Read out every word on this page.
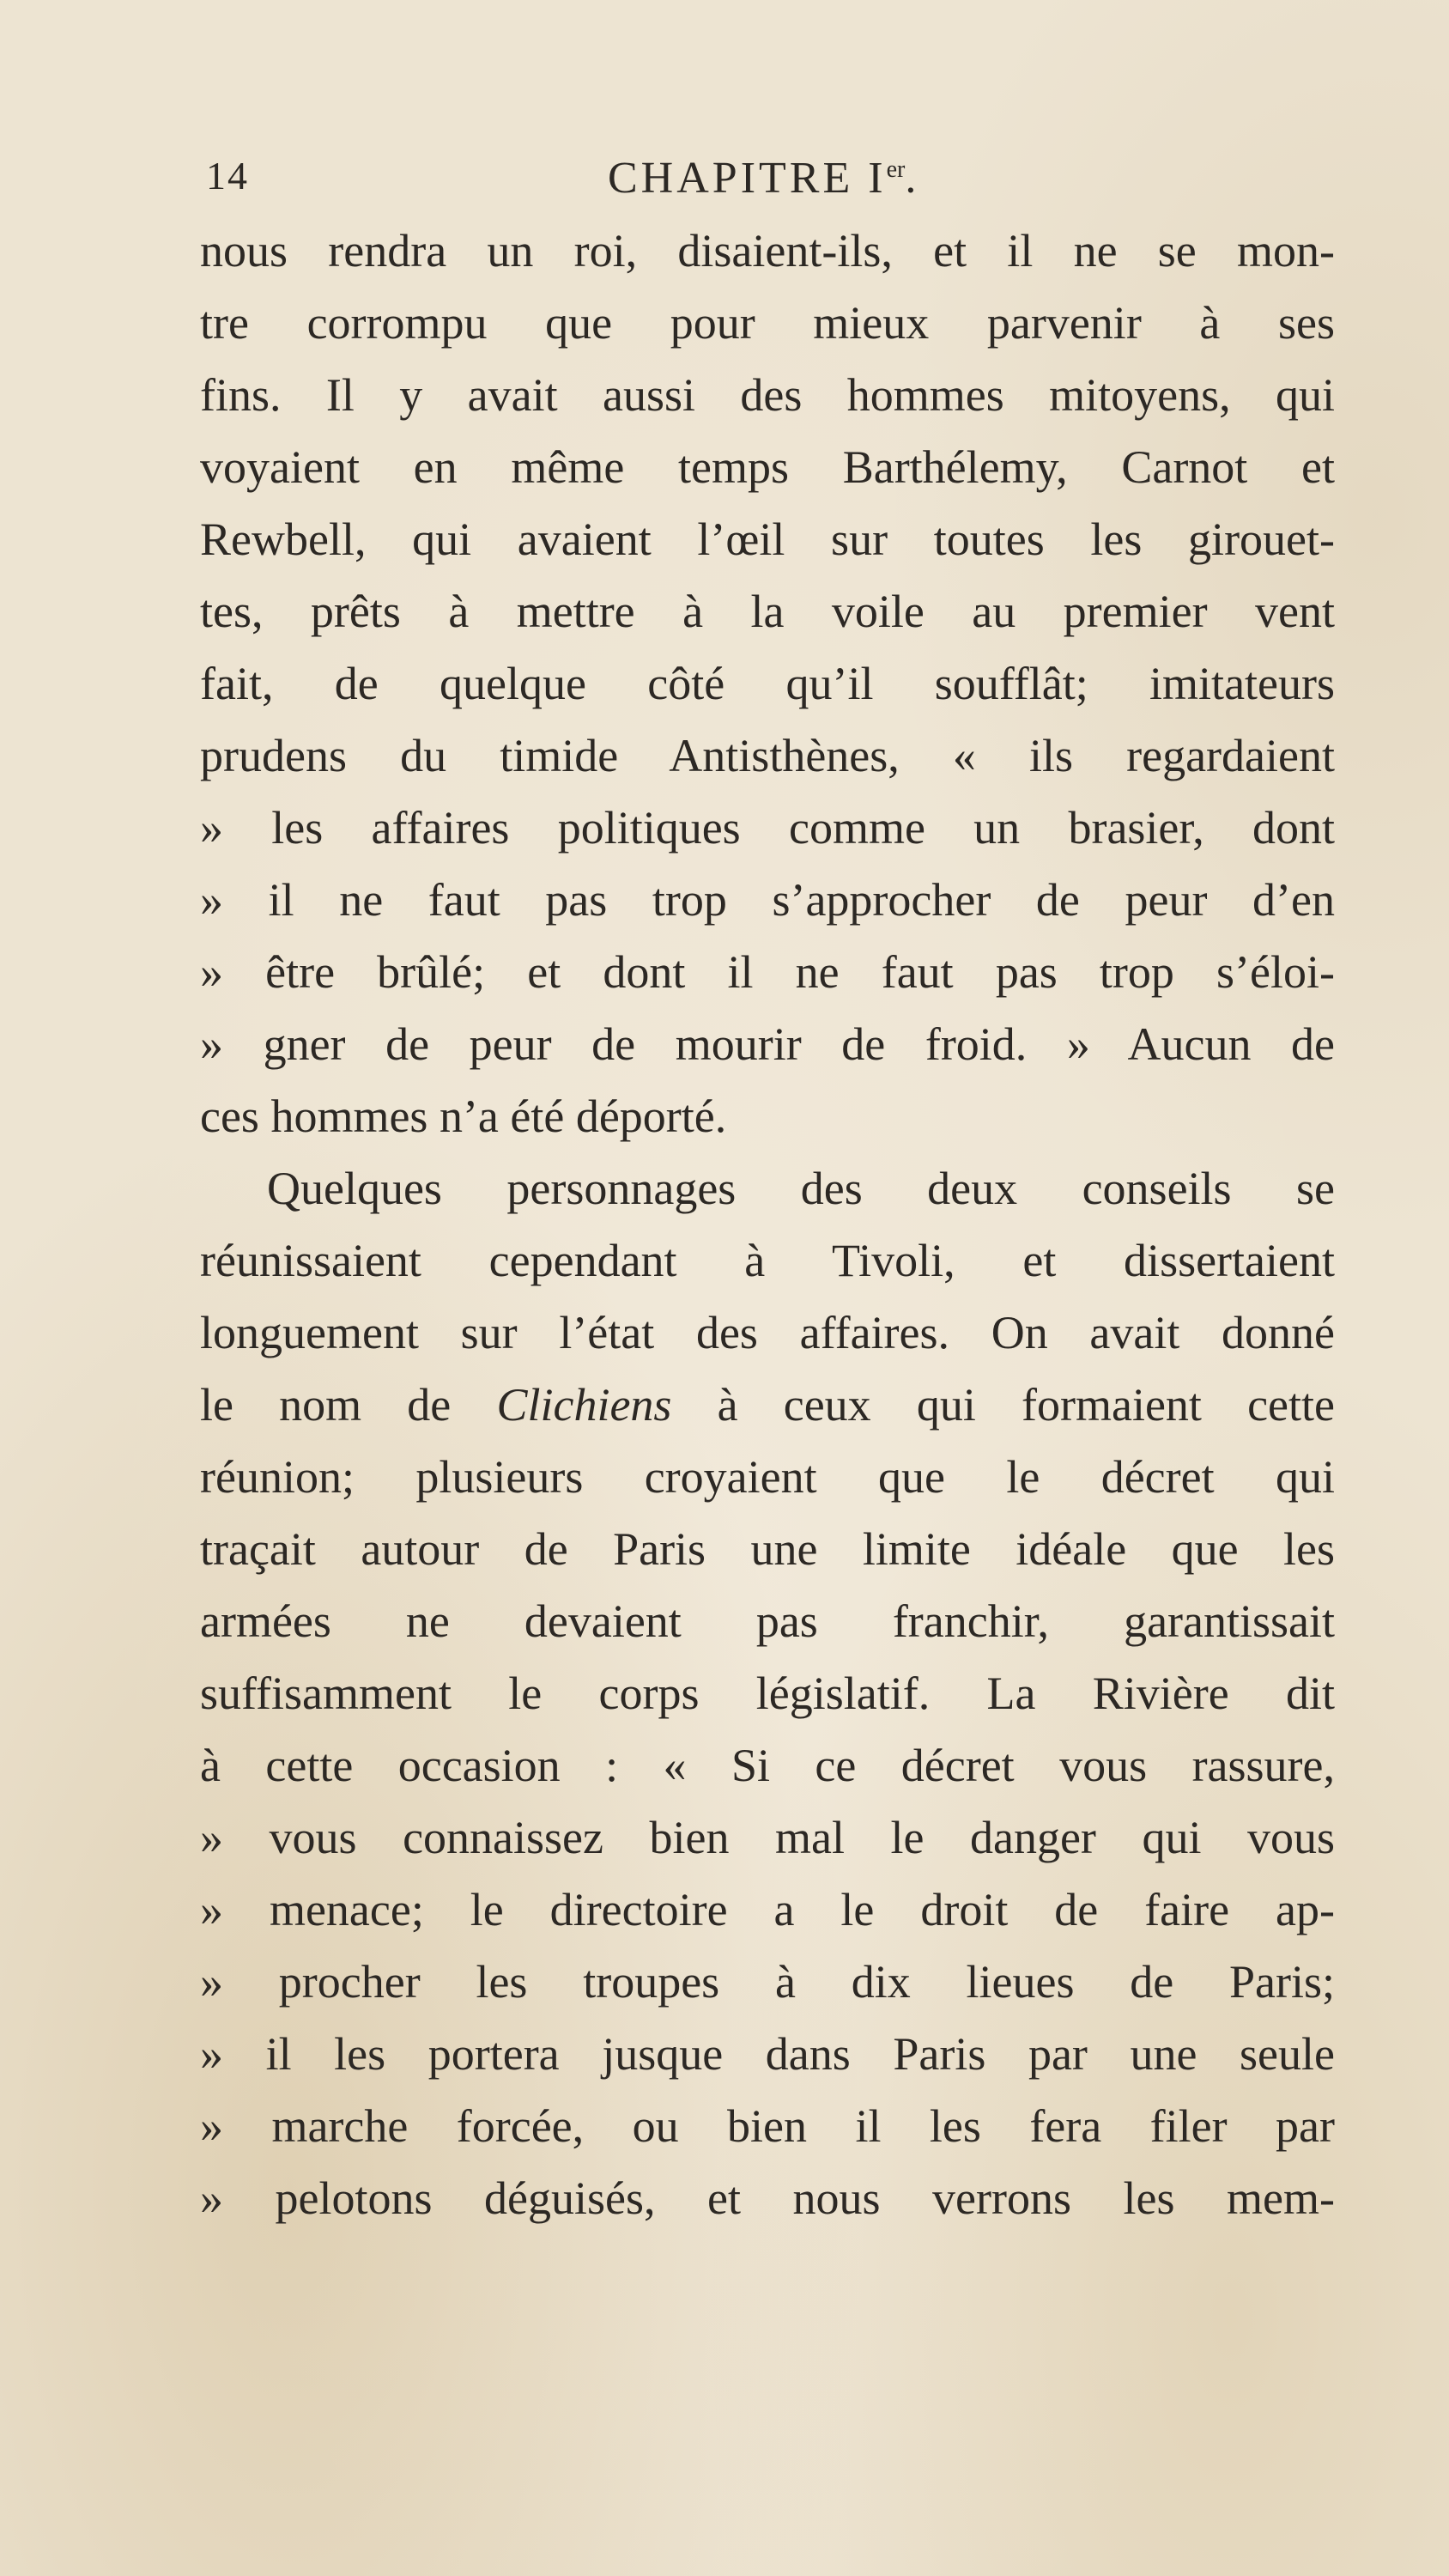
14	CHAPITRE Ier.
nous rendra un roi, disaient-ils, et il ne se mon-
tre corrompu que pour mieux parvenir à ses
fins. Il y avait aussi des hommes mitoyens, qui
voyaient en même temps Barthélemy, Carnot et
Rewbell, qui avaient l’œil sur toutes les girouet-
tes, prêts à mettre à la voile au premier vent
fait, de quelque côté qu’il soufflât; imitateurs
prudens du timide Antisthènes, « ils regardaient
» les affaires politiques comme un brasier, dont
» il ne faut pas trop s’approcher de peur d’en
» être brûlé; et dont il ne faut pas trop s’éloi-
» gner de peur de mourir de froid. » Aucun de
ces hommes n’a été déporté.
Quelques personnages des deux conseils se
réunissaient cependant à Tivoli, et dissertaient
longuement sur l’état des affaires. On avait donné
le nom de Clichiens à ceux qui formaient cette
réunion; plusieurs croyaient que le décret qui
traçait autour de Paris une limite idéale que les
armées ne devaient pas franchir, garantissait
suffisamment le corps législatif. La Rivière dit
à cette occasion : « Si ce décret vous rassure,
» vous connaissez bien mal le danger qui vous
» menace; le directoire a le droit de faire ap-
» procher les troupes à dix lieues de Paris;
» il les portera jusque dans Paris par une seule
» marche forcée, ou bien il les fera filer par
» pelotons déguisés, et nous verrons les mem-
